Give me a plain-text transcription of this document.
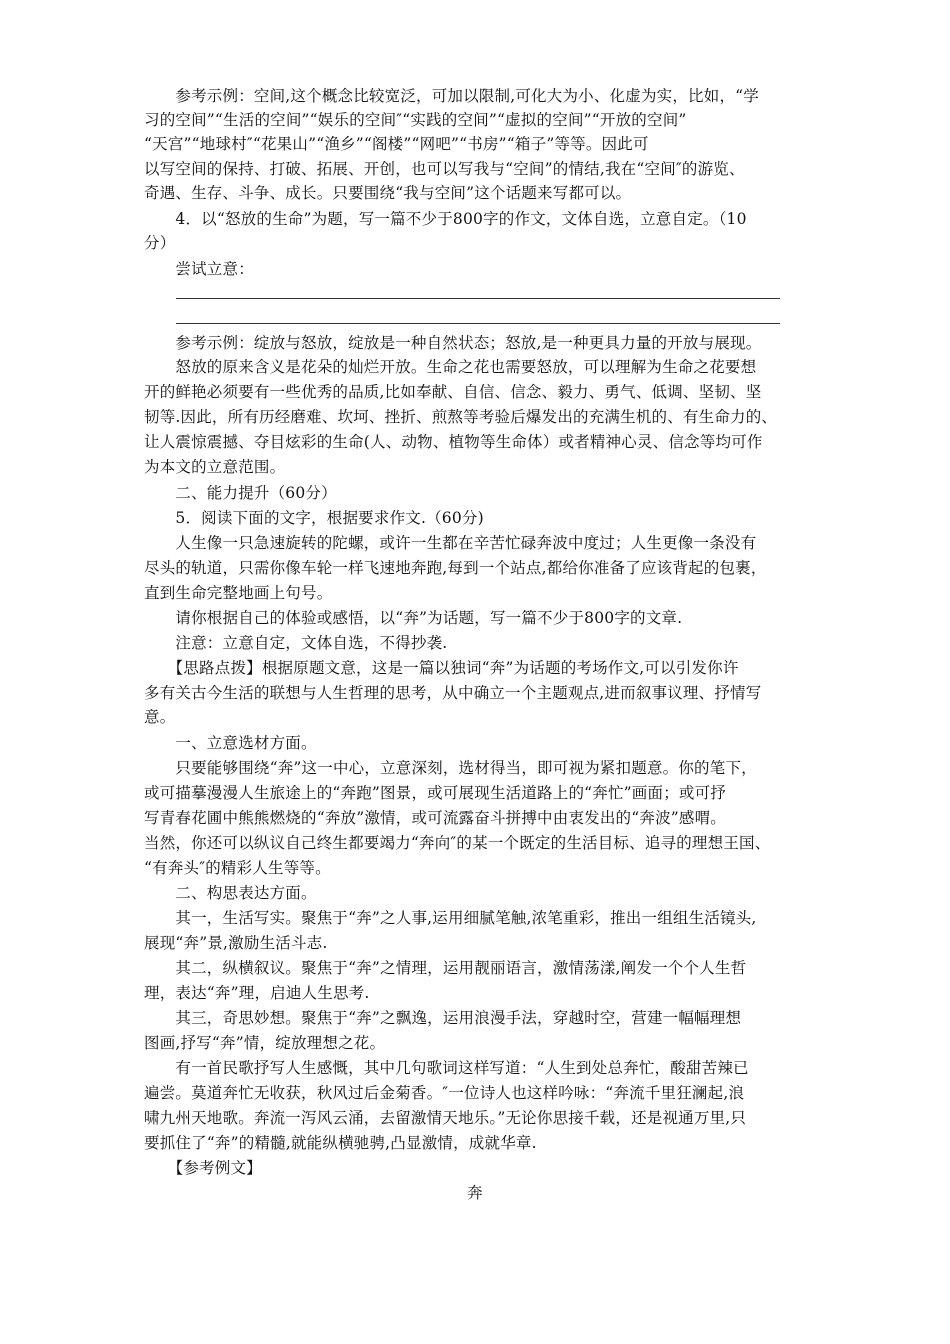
　　参考示例：空间,这个概念比较宽泛，可加以限制,可化大为小、化虚为实，比如，“学
习的空间”“生活的空间”“娱乐的空间″“实践的空间”“虚拟的空间”“开放的空间”
“天宫”“地球村″“花果山”“渔乡”“阁楼”“网吧”“书房”“箱子”等等。因此可
以写空间的保持、打破、拓展、开创，也可以写我与“空间”的情结,我在“空间″的游览、
奇遇、生存、斗争、成长。只要围绕“我与空间”这个话题来写都可以。
　　4．以“怒放的生命”为题，写一篇不少于800字的作文，文体自选，立意自定。（10
分）
　　尝试立意：
　　参考示例：绽放与怒放，绽放是一种自然状态；怒放,是一种更具力量的开放与展现。
　　怒放的原来含义是花朵的灿烂开放。生命之花也需要怒放，可以理解为生命之花要想
开的鲜艳必须要有一些优秀的品质,比如奉献、自信、信念、毅力、勇气、低调、坚韧、坚
韧等.因此，所有历经磨难、坎坷、挫折、煎熬等考验后爆发出的充满生机的、有生命力的、
让人震惊震撼、夺目炫彩的生命(人、动物、植物等生命体）或者精神心灵、信念等均可作
为本文的立意范围。
　　二、能力提升（60分）
　　5．阅读下面的文字，根据要求作文.（60分)
　　人生像一只急速旋转的陀螺，或许一生都在辛苦忙碌奔波中度过；人生更像一条没有
尽头的轨道，只需你像车轮一样飞速地奔跑,每到一个站点,都给你准备了应该背起的包裹，
直到生命完整地画上句号。
　　请你根据自己的体验或感悟，以“奔”为话题，写一篇不少于800字的文章.
　　注意：立意自定，文体自选，不得抄袭.
　　【思路点拨】根据原题文意，这是一篇以独词“奔”为话题的考场作文,可以引发你许
多有关古今生活的联想与人生哲理的思考，从中确立一个主题观点,进而叙事议理、抒情写
意。
　　一、立意选材方面。
　　只要能够围绕“奔”这一中心，立意深刻，选材得当，即可视为紧扣题意。你的笔下，
或可描摹漫漫人生旅途上的“奔跑”图景，或可展现生活道路上的“奔忙”画面；或可抒
写青春花圃中熊熊燃烧的“奔放”激情，或可流露奋斗拼搏中由衷发出的“奔波”感喟。
当然，你还可以纵议自己终生都要竭力“奔向″的某一个既定的生活目标、追寻的理想王国、
“有奔头″的精彩人生等等。
　　二、构思表达方面。
　　其一，生活写实。聚焦于“奔”之人事,运用细腻笔触,浓笔重彩，推出一组组生活镜头,
展现“奔”景,激励生活斗志.
　　其二，纵横叙议。聚焦于“奔”之情理，运用靓丽语言，激情荡漾,阐发一个个人生哲
理，表达“奔”理，启迪人生思考.
　　其三，奇思妙想。聚焦于“奔”之飘逸，运用浪漫手法，穿越时空，营建一幅幅理想
图画,抒写“奔”情，绽放理想之花。
　　有一首民歌抒写人生感慨，其中几句歌词这样写道：“人生到处总奔忙，酸甜苦辣已
遍尝。莫道奔忙无收获，秋风过后金菊香。″一位诗人也这样吟咏：“奔流千里狂澜起,浪
啸九州天地歌。奔流一泻风云涌，去留激情天地乐。”无论你思接千载，还是视通万里,只
要抓住了“奔”的精髓,就能纵横驰骋,凸显激情，成就华章.
　　【参考例文】
奔
